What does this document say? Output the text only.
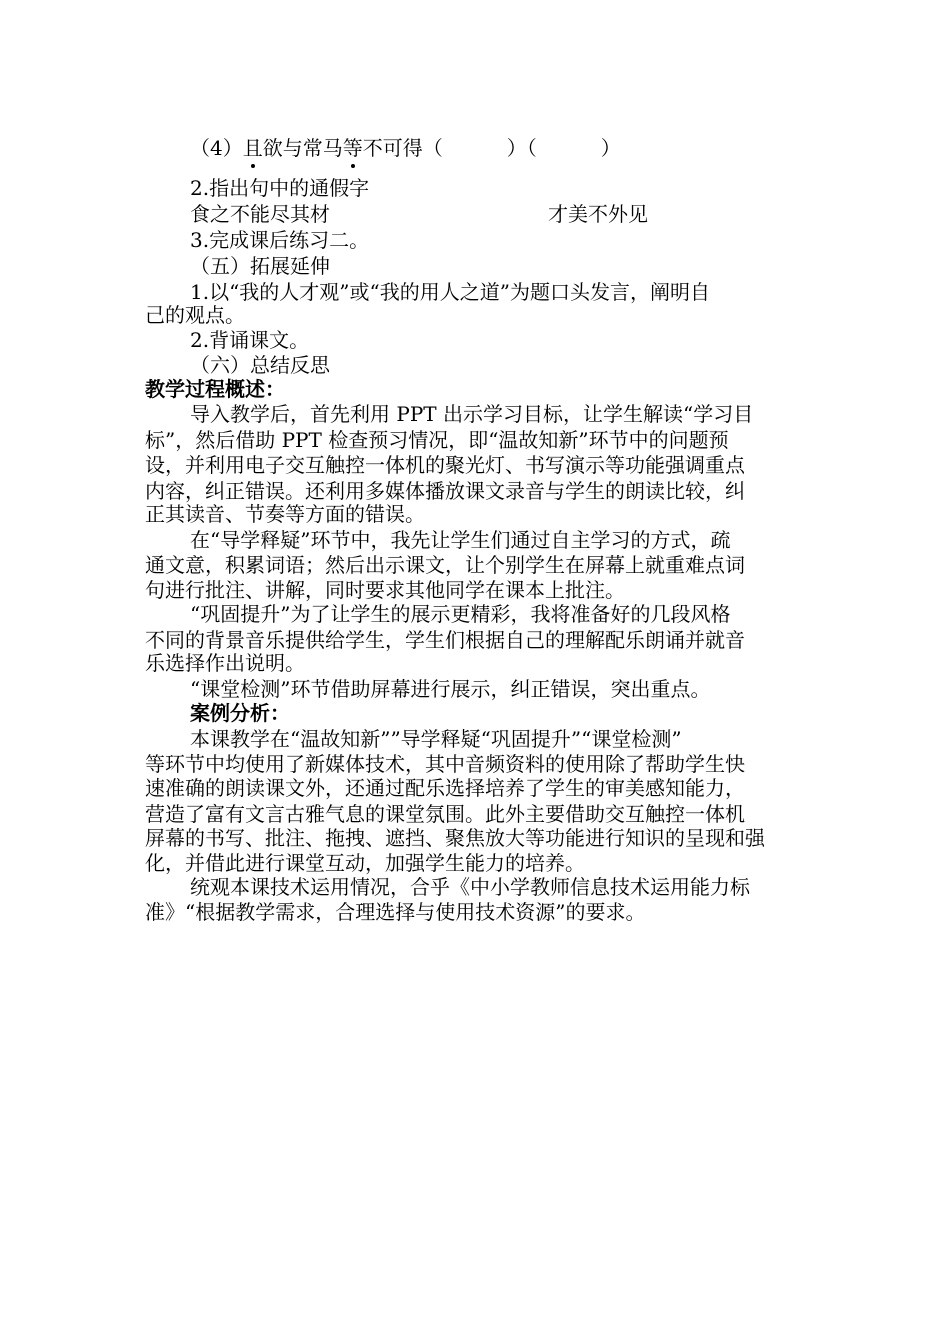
（4）且欲与常马等不可得（	）（	）
2.指出句中的通假字
食之不能尽其材	才美不外见
3.完成课后练习二。
（五）拓展延伸
1.以“我的人才观”或“我的用人之道”为题口头发言，阐明自
己的观点。
2.背诵课文。
（六）总结反思
教学过程概述：
导入教学后，首先利用 PPT 出示学习目标，让学生解读“学习目
标”，然后借助 PPT 检查预习情况，即“温故知新”环节中的问题预
设，并利用电子交互触控一体机的聚光灯、书写演示等功能强调重点
内容，纠正错误。还利用多媒体播放课文录音与学生的朗读比较，纠
正其读音、节奏等方面的错误。
在“导学释疑”环节中，我先让学生们通过自主学习的方式，疏
通文意，积累词语；然后出示课文，让个别学生在屏幕上就重难点词
句进行批注、讲解，同时要求其他同学在课本上批注。
“巩固提升”为了让学生的展示更精彩，我将准备好的几段风格
不同的背景音乐提供给学生，学生们根据自己的理解配乐朗诵并就音
乐选择作出说明。
“课堂检测”环节借助屏幕进行展示，纠正错误，突出重点。
案例分析：
本课教学在“温故知新””导学释疑“巩固提升”“课堂检测”
等环节中均使用了新媒体技术，其中音频资料的使用除了帮助学生快
速准确的朗读课文外，还通过配乐选择培养了学生的审美感知能力，
营造了富有文言古雅气息的课堂氛围。此外主要借助交互触控一体机
屏幕的书写、批注、拖拽、遮挡、聚焦放大等功能进行知识的呈现和强
化，并借此进行课堂互动，加强学生能力的培养。
统观本课技术运用情况，合乎《中小学教师信息技术运用能力标
准》“根据教学需求，合理选择与使用技术资源”的要求。
